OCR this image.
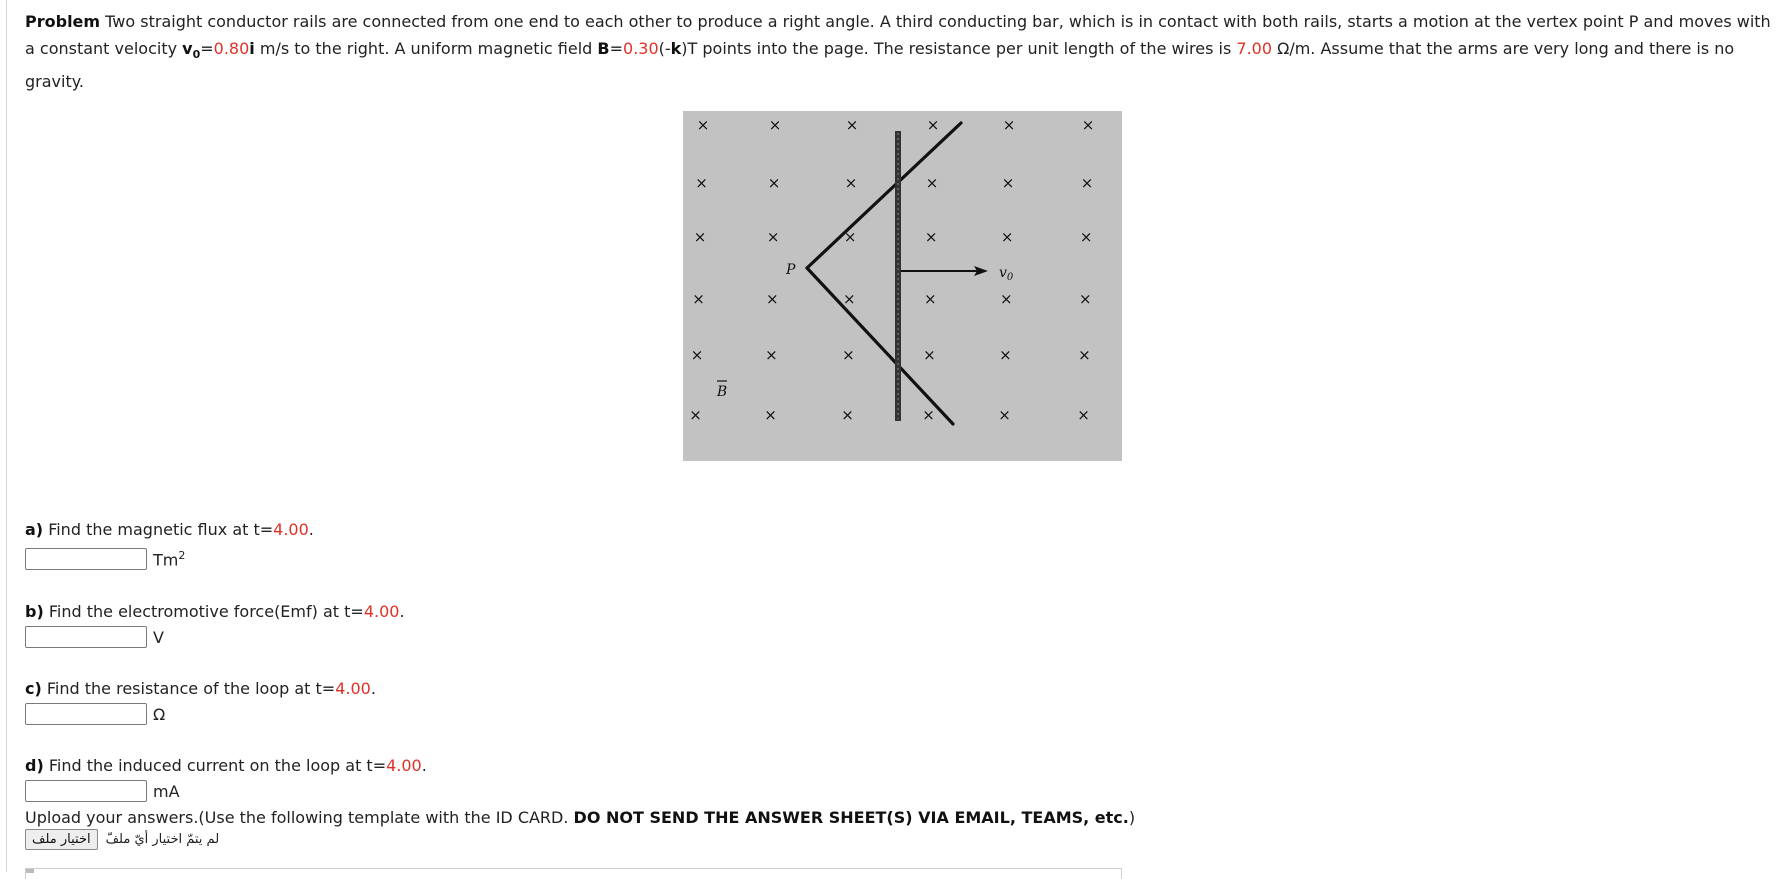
Problem Two straight conductor rails are connected from one end to each other to produce a right angle. A third conducting bar, which is in contact with both rails, starts a motion at the vertex point P and moves with a constant velocity $v_0=0.80i$ m/s to the right. A uniform magnetic field B=0.30(-k)T points into the page. The resistance per unit length of the wires is 7.00 Ω/m. Assume that the arms are very long and there is no gravity.
×	×	×	×	×	×
×	×	×	×	×	×
×	×	×	×	×	×
×	×	×	×	×	×
×	×	×	×	×	×
×	×	×	×	×	×
P	$v_0$
B
a) Find the magnetic flux at t=4.00.
Tm$^2$
b) Find the electromotive force(Emf) at t=4.00.
V
c) Find the resistance of the loop at t=4.00.
Ω
d) Find the induced current on the loop at t=4.00.
mA
Upload your answers.(Use the following template with the ID CARD. DO NOT SEND THE ANSWER SHEET(S) VIA EMAIL, TEAMS, etc.)
اختيار ملف	لم يتمّ اختيار أيّ ملفّ
